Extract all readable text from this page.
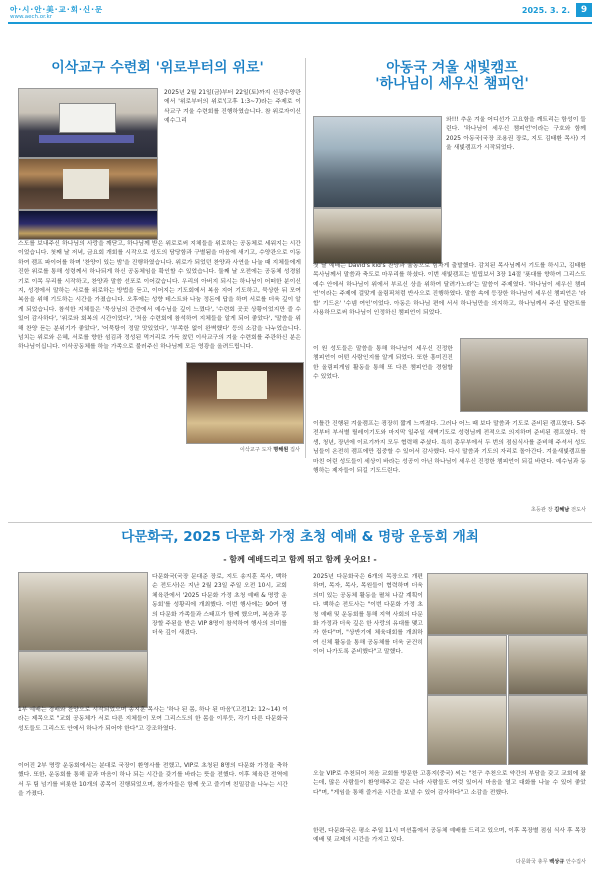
아·시·안·美·교·회·신·문
www.aech.or.kr
2025. 3. 2.	9
이삭교구 수련회 '위로부터의 위로'
2025년 2월 21일(금)부터 22일(토)까지 신광수양관에서 '위로부터의 위로'(고후 1:3~7)라는 주제로 이삭교구 겨울 수련회를 진행하였습니다. 참 위로자이신 예수그리
스도를 보내주신 하나님의 사랑을 깨닫고, 하나님께 받은 위로로써 지체들을 위로하는 공동체로 세워지는 시간이었습니다. 첫째 날 저녁, 금요회 개회를 시작으로 성도의 담당함과 구별됨을 마음에 새기고, 수양관으로 이동하여 캠프 파이어를 하며 '찬양이 있는 밤'을 진행하였습니다. 위로가 되었던 찬양과 사연을 나눌 때 지체들에게 진한 위로를 통해 성령께서 하나되게 하신 공동체임을 확인할 수 있었습니다. 둘째 날 오전에는 공동체 성경읽기로 이목 무리를 시작하고, 찬양과 말씀 선포로 이어갔습니다. 우리의 아버지 되시는 하나님이 어떠한 분이신지, 성경에서 말하는 서로를 위로하는 방법을 듣고, 이어지는 기도회에서 복음 지어 기도하고, 묵상한 뒤 모여 복음을 위해 기도하는 시간을 가졌습니다. 오후에는 성향 테스트와 나눔 정돈에 답을 하며 서로를 더욱 깊이 알게 되었습니다. 참석한 지체들은 '묵상님의 간증에서 예수님을 깊이 느꼈다', '수련회 곳곳 상황이었지만 즐 수 있어 감사하다', '위로와 회복의 시간이었다', '처음 수련회에 참석하여 지체들을 알게 되어 좋았다', '말씀을 위해 찬양 듣는 분위기가 좋았다', '어묵탕이 정말 맛있었다', '부족한 없이 완벽했다' 등의 소감을 나누었습니다. 넘치는 위로와 은혜, 서로를 향한 섬김과 정성된 먹거리로 가득 찼던 이삭교구의 겨울 수련회를 주관하신 분은 하나님이십니다. 이삭공동체를 하늘 가족으로 불러주신 하나님께 모든 영광을 올려드립니다.
이삭교구 도자 명해원 집사
아동국 겨울 새빛캠프
'하나님이 세우신 챔피언'
와!!! 추운 겨울 어디선가 고요함을 깨트리는 함성이 들린다. '하나님이 세우신 챔피언'이라는 구호와 함께 2025 아동국(국장 조용권 장로, 지도 김태환 목사) 겨울 새빛캠프가 시작되었다.
첫 날 예배는 David's kid's 찬양과 율동으로 힘차게 출발했다. 감치된 목사님께서 기도를 하시고, 김태환 목사님께서 말씀과 축도로 마무리를 하셨다. 이번 새빛캠프는 빌립보서 3장 14절 '푯대를 향하여 그리스도 예수 안에서 하나님이 위에서 부르신 상을 위하여 달려가노라'는 말씀이 주제였다. '하나님이 세우신 챔피언'이라는 주제에 걸맞게 올림픽처럼 반사으로 진행하였다. 말씀 속에 등장한 하나님이 세우신 챔피언은 '라합' 기드온' '수넴 여인'이었다. 아동은 하나님 편에 서서 하나님만을 의지하고, 하나님께서 주신 달란트를 사용하므로써 하나님이 인정하신 챔피언이 되었다.
이 원 성도들은 말씀을 통해 하나님이 세우신 진정한 챔피언이 어떤 사람인지를 알게 되었다. 또한 흥미진진한 올림피게임 활동을 통해 또 다른 챔피언을 경험할 수 있었다.
이틀간 진행된 겨울캠프는 굉장히 짧게 느껴졌다. 그러나 어느 때 보다 말씀과 기도로 준비된 캠프였다. 5주 전부터 부서별 릴레이기도와 마지막 일주일 새벽기도로 성령님께 전적으로 의지하며 준비된 캠프였다. 학생, 청년, 장년에 이르기까지 모두 협력해 주셨다. 특히 총무부에서 두 번의 점심식사를 준비해 주셔서 성도님들이 온전히 캠프에만 집중할 수 있어서 감사했다. 다시 말씀과 기도의 자리로 돌아간다. 겨울새빛캠프를 마친 어린 성도들이 세상이 바라는 성공이 아닌 하나님이 세우신 진정한 챔피언이 되길 바란다. 예수님과 동행하는 제자들이 되길 기도드린다.
초등관 장 김혜남 전도사
다문화국, 2025 다문화 가정 초청 예배 & 명랑 운동회 개최
- 함께 예배드리고 함께 뛰고 함께 웃어요! -
다문화국(국장 문대준 장로, 지도 송지훈 목사, 백하순 전도사)은 지난 2월 23일 주일 오전 10시, 교회 체육관에서 '2025 다문화 가정 초청 예배 & 명랑 운동회'를 성황리에 개최했다. 이번 행사에는 90여 명의 다문화 가족들과 스태프가 함께 했으며, 복음과 몽장할 주된을 받은 VIP 8명이 참석하여 행사의 의미를 더욱 깊이 새겼다.
1부 예배는 경배와 찬양으로 시작되었으며 송지훈 목사는 '하나 된 몸, 하나 된 마음'(고전12: 12~14) 이라는 제목으로 "교회 공동체가 서로 다른 지체들이 모여 그리스도의 한 몸을 이루듯, 각기 다른 다문화국 성도들도 그리스도 안에서 하나가 되어야 한다"고 강조하였다.
이어진 2부 명랑 운동회에서는 분대로 국장이 환영사를 전했고, VIP로 초청된 8명의 다문화 가정을 축하했다. 또한, 운동회를 통해 끝과 마음이 하나 되는 시간을 갖기를 바라는 뜻을 전했다. 이후 체육관 전역에서 두 팀 넘기를 비롯한 10개의 종목이 진행되었으며, 참가자들은 함께 웃고 즐기며 친밀감을 나누는 시간을 가졌다.
2025년 다문화국은 6개의 목장으로 개편하며, 목자, 목사, 목원들이 협력하며 더욱 의미 있는 공동체 활동을 펼쳐 나갈 계획이다. 백하순 전도사는 "이번 다문화 가정 초청 예배 및 운동회를 통해 지역 사회의 다문화 가정과 더욱 깊은 한 사랑의 유대를 맺고자 한다"며, "상반기에 체육대회를 개최하여 신체 활동을 통해 공동체를 더욱 굳건히 이어 나가도록 준비했다"고 말했다.
오늘 VIP로 추천되어 처음 교회를 방문한 고흥지(중국) 씨는 "친구 추천으로 약간의 부담을 갖고 교회에 왔는데, 많은 사람들이 환영해주고 같은 나라 사람들도 여럿 있어서 마음을 열고 대화를 나눌 수 있어 좋았다"며, "게임을 통해 즐거운 시간을 보낼 수 있어 감사하다"고 소감을 전했다.
한편, 다문화국은 평소 주일 11시 미션홀에서 공동체 예배를 드리고 있으며, 이후 목장별 점심 식사 후 목장 예배 및 교제의 시간을 가지고 있다.
다문화국 총무 백상규 안수집사
